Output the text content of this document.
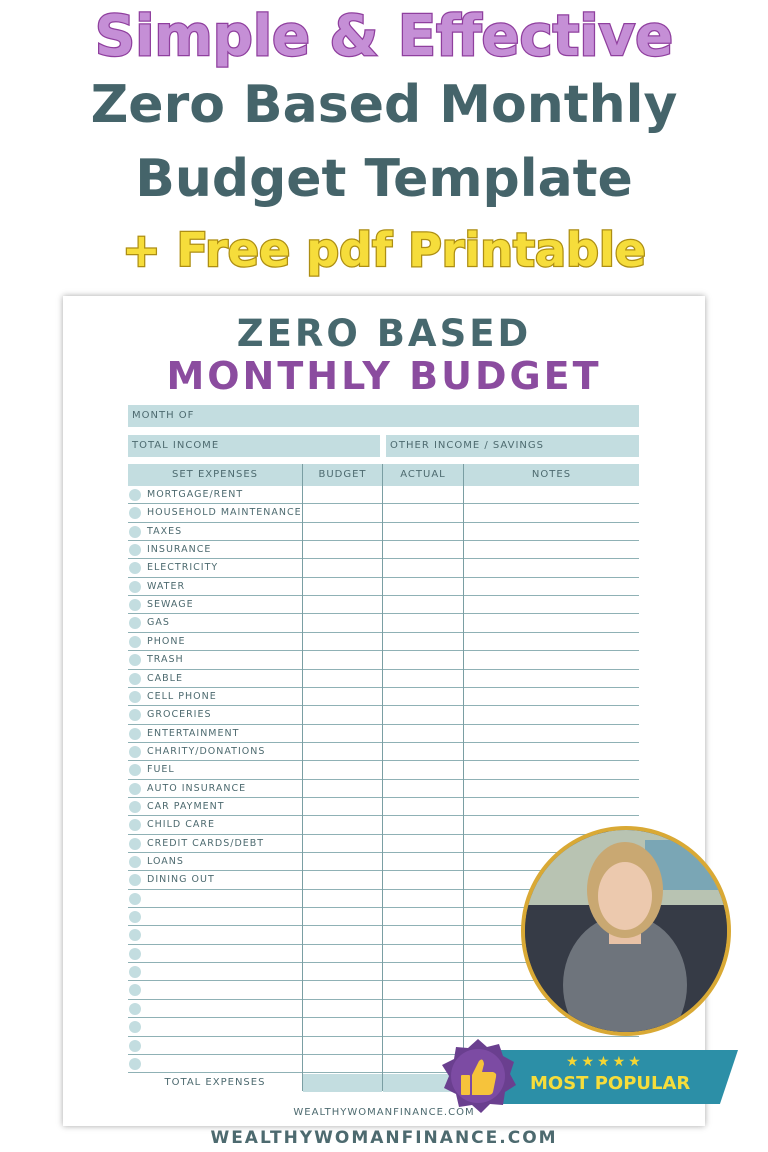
Simple & Effective
Zero Based Monthly
Budget Template
+ Free pdf Printable
ZERO BASED
MONTHLY BUDGET
MONTH OF
TOTAL INCOME	OTHER INCOME / SAVINGS
SET EXPENSES	BUDGET	ACTUAL	NOTES
MORTGAGE/RENT
HOUSEHOLD MAINTENANCE
TAXES
INSURANCE
ELECTRICITY
WATER
SEWAGE
GAS
PHONE
TRASH
CABLE
CELL PHONE
GROCERIES
ENTERTAINMENT
CHARITY/DONATIONS
FUEL
AUTO INSURANCE
CAR PAYMENT
CHILD CARE
CREDIT CARDS/DEBT
LOANS
DINING OUT
TOTAL EXPENSES
WEALTHYWOMANFINANCE.COM
★★★★★
MOST POPULAR
WEALTHYWOMANFINANCE.COM
